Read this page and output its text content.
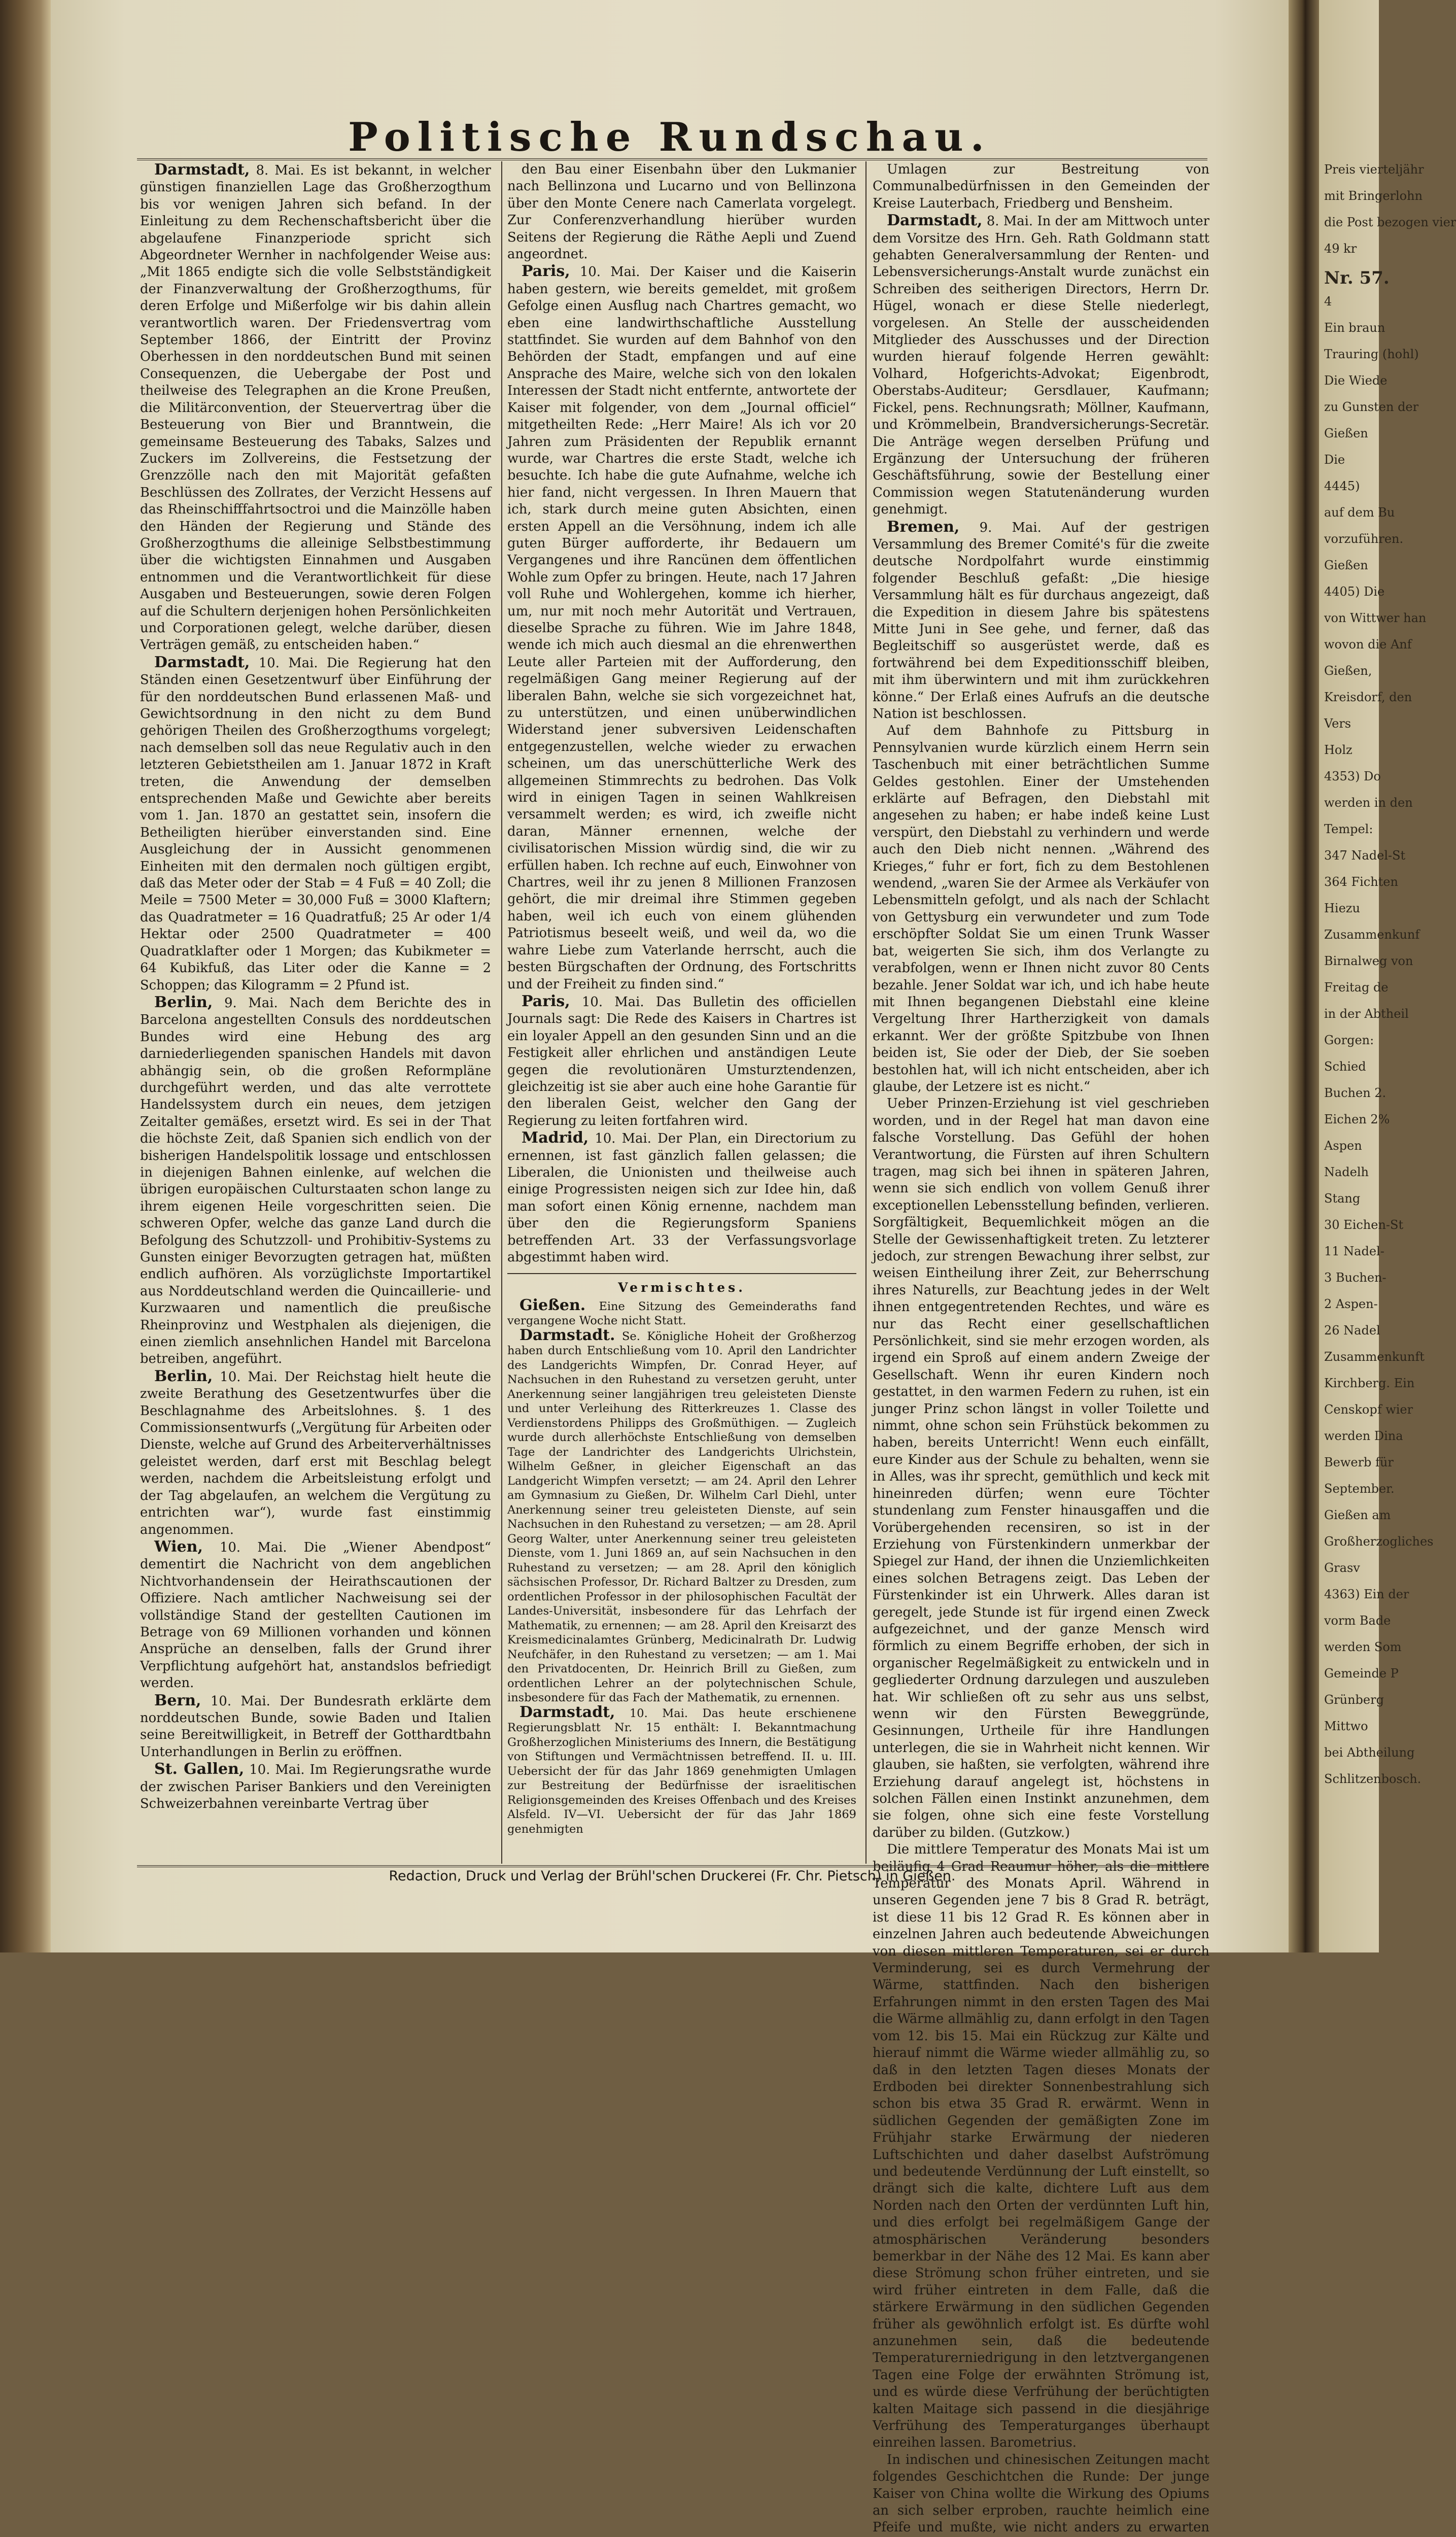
Politische Rundschau.

Darmstadt, 8. Mai. Es ist bekannt, in welcher günstigen finanziellen Lage das Großherzogthum bis vor wenigen Jahren sich befand. In der Einleitung zu dem Rechenschaftsbericht über die abgelaufene Finanzperiode spricht sich Abgeordneter Wernher in nachfolgender Weise aus: „Mit 1865 endigte sich die volle Selbstständigkeit der Finanzverwaltung der Großherzogthums, für deren Erfolge und Mißerfolge wir bis dahin allein verantwortlich waren. Der Friedensvertrag vom September 1866, der Eintritt der Provinz Oberhessen in den norddeutschen Bund mit seinen Consequenzen, die Uebergabe der Post und theilweise des Telegraphen an die Krone Preußen, die Militärconvention, der Steuervertrag über die Besteuerung von Bier und Branntwein, die gemeinsame Besteuerung des Tabaks, Salzes und Zuckers im Zollvereins, die Festsetzung der Grenzzölle nach den mit Majorität gefaßten Beschlüssen des Zollrates, der Verzicht Hessens auf das Rheinschifffahrtsoctroi und die Mainzölle haben den Händen der Regierung und Stände des Großherzogthums die alleinige Selbstbestimmung über die wichtigsten Einnahmen und Ausgaben entnommen und die Verantwortlichkeit für diese Ausgaben und Besteuerungen, sowie deren Folgen auf die Schultern derjenigen hohen Persönlichkeiten und Corporationen gelegt, welche darüber, diesen Verträgen gemäß, zu entscheiden haben.“

Darmstadt, 10. Mai. Die Regierung hat den Ständen einen Gesetzentwurf über Einführung der für den norddeutschen Bund erlassenen Maß- und Gewichtsordnung in den nicht zu dem Bund gehörigen Theilen des Großherzogthums vorgelegt; nach demselben soll das neue Regulativ auch in den letzteren Gebietstheilen am 1. Januar 1872 in Kraft treten, die Anwendung der demselben entsprechenden Maße und Gewichte aber bereits vom 1. Jan. 1870 an gestattet sein, insofern die Betheiligten hierüber einverstanden sind. Eine Ausgleichung der in Aussicht genommenen Einheiten mit den dermalen noch gültigen ergibt, daß das Meter oder der Stab = 4 Fuß = 40 Zoll; die Meile = 7500 Meter = 30,000 Fuß = 3000 Klaftern; das Quadratmeter = 16 Quadratfuß; 25 Ar oder 1/4 Hektar oder 2500 Quadratmeter = 400 Quadratklafter oder 1 Morgen; das Kubikmeter = 64 Kubikfuß, das Liter oder die Kanne = 2 Schoppen; das Kilogramm = 2 Pfund ist.

Berlin, 9. Mai. Nach dem Berichte des in Barcelona angestellten Consuls des norddeutschen Bundes wird eine Hebung des arg darniederliegenden spanischen Handels mit davon abhängig sein, ob die großen Reformpläne durchgeführt werden, und das alte verrottete Handelssystem durch ein neues, dem jetzigen Zeitalter gemäßes, ersetzt wird. Es sei in der That die höchste Zeit, daß Spanien sich endlich von der bisherigen Handelspolitik lossage und entschlossen in diejenigen Bahnen einlenke, auf welchen die übrigen europäischen Culturstaaten schon lange zu ihrem eigenen Heile vorgeschritten seien. Die schweren Opfer, welche das ganze Land durch die Befolgung des Schutzzoll- und Prohibitiv-Systems zu Gunsten einiger Bevorzugten getragen hat, müßten endlich aufhören. Als vorzüglichste Importartikel aus Norddeutschland werden die Quincaillerie- und Kurzwaaren und namentlich die preußische Rheinprovinz und Westphalen als diejenigen, die einen ziemlich ansehnlichen Handel mit Barcelona betreiben, angeführt.

Berlin, 10. Mai. Der Reichstag hielt heute die zweite Berathung des Gesetzentwurfes über die Beschlagnahme des Arbeitslohnes. §. 1 des Commissionsentwurfs („Vergütung für Arbeiten oder Dienste, welche auf Grund des Arbeiterverhältnisses geleistet werden, darf erst mit Beschlag belegt werden, nachdem die Arbeitsleistung erfolgt und der Tag abgelaufen, an welchem die Vergütung zu entrichten war“), wurde fast einstimmig angenommen.

Wien, 10. Mai. Die „Wiener Abendpost“ dementirt die Nachricht von dem angeblichen Nichtvorhandensein der Heirathscautionen der Offiziere. Nach amtlicher Nachweisung sei der vollständige Stand der gestellten Cautionen im Betrage von 69 Millionen vorhanden und können Ansprüche an denselben, falls der Grund ihrer Verpflichtung aufgehört hat, anstandslos befriedigt werden.

Bern, 10. Mai. Der Bundesrath erklärte dem norddeutschen Bunde, sowie Baden und Italien seine Bereitwilligkeit, in Betreff der Gotthardtbahn Unterhandlungen in Berlin zu eröffnen.

St. Gallen, 10. Mai. Im Regierungsrathe wurde der zwischen Pariser Bankiers und den Vereinigten Schweizerbahnen vereinbarte Vertrag über

den Bau einer Eisenbahn über den Lukmanier nach Bellinzona und Lucarno und von Bellinzona über den Monte Cenere nach Camerlata vorgelegt. Zur Conferenzverhandlung hierüber wurden Seitens der Regierung die Räthe Aepli und Zuend angeordnet.

Paris, 10. Mai. Der Kaiser und die Kaiserin haben gestern, wie bereits gemeldet, mit großem Gefolge einen Ausflug nach Chartres gemacht, wo eben eine landwirthschaftliche Ausstellung stattfindet. Sie wurden auf dem Bahnhof von den Behörden der Stadt, empfangen und auf eine Ansprache des Maire, welche sich von den lokalen Interessen der Stadt nicht entfernte, antwortete der Kaiser mit folgender, von dem „Journal officiel“ mitgetheilten Rede: „Herr Maire! Als ich vor 20 Jahren zum Präsidenten der Republik ernannt wurde, war Chartres die erste Stadt, welche ich besuchte. Ich habe die gute Aufnahme, welche ich hier fand, nicht vergessen. In Ihren Mauern that ich, stark durch meine guten Absichten, einen ersten Appell an die Versöhnung, indem ich alle guten Bürger aufforderte, ihr Bedauern um Vergangenes und ihre Rancünen dem öffentlichen Wohle zum Opfer zu bringen. Heute, nach 17 Jahren voll Ruhe und Wohlergehen, komme ich hierher, um, nur mit noch mehr Autorität und Vertrauen, dieselbe Sprache zu führen. Wie im Jahre 1848, wende ich mich auch diesmal an die ehrenwerthen Leute aller Parteien mit der Aufforderung, den regelmäßigen Gang meiner Regierung auf der liberalen Bahn, welche sie sich vorgezeichnet hat, zu unterstützen, und einen unüberwindlichen Widerstand jener subversiven Leidenschaften entgegenzustellen, welche wieder zu erwachen scheinen, um das unerschütterliche Werk des allgemeinen Stimmrechts zu bedrohen. Das Volk wird in einigen Tagen in seinen Wahlkreisen versammelt werden; es wird, ich zweifle nicht daran, Männer ernennen, welche der civilisatorischen Mission würdig sind, die wir zu erfüllen haben. Ich rechne auf euch, Einwohner von Chartres, weil ihr zu jenen 8 Millionen Franzosen gehört, die mir dreimal ihre Stimmen gegeben haben, weil ich euch von einem glühenden Patriotismus beseelt weiß, und weil da, wo die wahre Liebe zum Vaterlande herrscht, auch die besten Bürgschaften der Ordnung, des Fortschritts und der Freiheit zu finden sind.“

Paris, 10. Mai. Das Bulletin des officiellen Journals sagt: Die Rede des Kaisers in Chartres ist ein loyaler Appell an den gesunden Sinn und an die Festigkeit aller ehrlichen und anständigen Leute gegen die revolutionären Umsturztendenzen, gleichzeitig ist sie aber auch eine hohe Garantie für den liberalen Geist, welcher den Gang der Regierung zu leiten fortfahren wird.

Madrid, 10. Mai. Der Plan, ein Directorium zu ernennen, ist fast gänzlich fallen gelassen; die Liberalen, die Unionisten und theilweise auch einige Progressisten neigen sich zur Idee hin, daß man sofort einen König ernenne, nachdem man über den die Regierungsform Spaniens betreffenden Art. 33 der Verfassungsvorlage abgestimmt haben wird.

Vermischtes.

Gießen. Eine Sitzung des Gemeinderaths fand vergangene Woche nicht Statt.

Darmstadt. Se. Königliche Hoheit der Großherzog haben durch Entschließung vom 10. April den Landrichter des Landgerichts Wimpfen, Dr. Conrad Heyer, auf Nachsuchen in den Ruhestand zu versetzen geruht, unter Anerkennung seiner langjährigen treu geleisteten Dienste und unter Verleihung des Ritterkreuzes 1. Classe des Verdienstordens Philipps des Großmüthigen. — Zugleich wurde durch allerhöchste Entschließung von demselben Tage der Landrichter des Landgerichts Ulrichstein, Wilhelm Geßner, in gleicher Eigenschaft an das Landgericht Wimpfen versetzt; — am 24. April den Lehrer am Gymnasium zu Gießen, Dr. Wilhelm Carl Diehl, unter Anerkennung seiner treu geleisteten Dienste, auf sein Nachsuchen in den Ruhestand zu versetzen; — am 28. April Georg Walter, unter Anerkennung seiner treu geleisteten Dienste, vom 1. Juni 1869 an, auf sein Nachsuchen in den Ruhestand zu versetzen; — am 28. April den königlich sächsischen Professor, Dr. Richard Baltzer zu Dresden, zum ordentlichen Professor in der philosophischen Facultät der Landes-Universität, insbesondere für das Lehrfach der Mathematik, zu ernennen; — am 28. April den Kreisarzt des Kreismedicinalamtes Grünberg, Medicinalrath Dr. Ludwig Neufchäfer, in den Ruhestand zu versetzen; — am 1. Mai den Privatdocenten, Dr. Heinrich Brill zu Gießen, zum ordentlichen Lehrer an der polytechnischen Schule, insbesondere für das Fach der Mathematik, zu ernennen.

Darmstadt, 10. Mai. Das heute erschienene Regierungsblatt Nr. 15 enthält: I. Bekanntmachung Großherzoglichen Ministeriums des Innern, die Bestätigung von Stiftungen und Vermächtnissen betreffend. II. u. III. Uebersicht der für das Jahr 1869 genehmigten Umlagen zur Bestreitung der Bedürfnisse der israelitischen Religionsgemeinden des Kreises Offenbach und des Kreises Alsfeld. IV—VI. Uebersicht der für das Jahr 1869 genehmigten

Umlagen zur Bestreitung von Communalbedürfnissen in den Gemeinden der Kreise Lauterbach, Friedberg und Bensheim.

Darmstadt, 8. Mai. In der am Mittwoch unter dem Vorsitze des Hrn. Geh. Rath Goldmann statt gehabten Generalversammlung der Renten- und Lebensversicherungs-Anstalt wurde zunächst ein Schreiben des seitherigen Directors, Herrn Dr. Hügel, wonach er diese Stelle niederlegt, vorgelesen. An Stelle der ausscheidenden Mitglieder des Ausschusses und der Direction wurden hierauf folgende Herren gewählt: Volhard, Hofgerichts-Advokat; Eigenbrodt, Oberstabs-Auditeur; Gersdlauer, Kaufmann; Fickel, pens. Rechnungsrath; Möllner, Kaufmann, und Krömmelbein, Brandversicherungs-Secretär. Die Anträge wegen derselben Prüfung und Ergänzung der Untersuchung der früheren Geschäftsführung, sowie der Bestellung einer Commission wegen Statutenänderung wurden genehmigt.

Bremen, 9. Mai. Auf der gestrigen Versammlung des Bremer Comité's für die zweite deutsche Nordpolfahrt wurde einstimmig folgender Beschluß gefaßt: „Die hiesige Versammlung hält es für durchaus angezeigt, daß die Expedition in diesem Jahre bis spätestens Mitte Juni in See gehe, und ferner, daß das Begleitschiff so ausgerüstet werde, daß es fortwährend bei dem Expeditionsschiff bleiben, mit ihm überwintern und mit ihm zurückkehren könne.“ Der Erlaß eines Aufrufs an die deutsche Nation ist beschlossen.

Auf dem Bahnhofe zu Pittsburg in Pennsylvanien wurde kürzlich einem Herrn sein Taschenbuch mit einer beträchtlichen Summe Geldes gestohlen. Einer der Umstehenden erklärte auf Befragen, den Diebstahl mit angesehen zu haben; er habe indeß keine Lust verspürt, den Diebstahl zu verhindern und werde auch den Dieb nicht nennen. „Während des Krieges,“ fuhr er fort, fich zu dem Bestohlenen wendend, „waren Sie der Armee als Verkäufer von Lebensmitteln gefolgt, und als nach der Schlacht von Gettysburg ein verwundeter und zum Tode erschöpfter Soldat Sie um einen Trunk Wasser bat, weigerten Sie sich, ihm dos Verlangte zu verabfolgen, wenn er Ihnen nicht zuvor 80 Cents bezahle. Jener Soldat war ich, und ich habe heute mit Ihnen begangenen Diebstahl eine kleine Vergeltung Ihrer Hartherzigkeit von damals erkannt. Wer der größte Spitzbube von Ihnen beiden ist, Sie oder der Dieb, der Sie soeben bestohlen hat, will ich nicht entscheiden, aber ich glaube, der Letzere ist es nicht.“

Ueber Prinzen-Erziehung ist viel geschrieben worden, und in der Regel hat man davon eine falsche Vorstellung. Das Gefühl der hohen Verantwortung, die Fürsten auf ihren Schultern tragen, mag sich bei ihnen in späteren Jahren, wenn sie sich endlich von vollem Genuß ihrer exceptionellen Lebensstellung befinden, verlieren. Sorgfältigkeit, Bequemlichkeit mögen an die Stelle der Gewissenhaftigkeit treten. Zu letzterer jedoch, zur strengen Bewachung ihrer selbst, zur weisen Eintheilung ihrer Zeit, zur Beherrschung ihres Naturells, zur Beachtung jedes in der Welt ihnen entgegentretenden Rechtes, und wäre es nur das Recht einer gesellschaftlichen Persönlichkeit, sind sie mehr erzogen worden, als irgend ein Sproß auf einem andern Zweige der Gesellschaft. Wenn ihr euren Kindern noch gestattet, in den warmen Federn zu ruhen, ist ein junger Prinz schon längst in voller Toilette und nimmt, ohne schon sein Frühstück bekommen zu haben, bereits Unterricht! Wenn euch einfällt, eure Kinder aus der Schule zu behalten, wenn sie in Alles, was ihr sprecht, gemüthlich und keck mit hineinreden dürfen; wenn eure Töchter stundenlang zum Fenster hinausgaffen und die Vorübergehenden recensiren, so ist in der Erziehung von Fürstenkindern unmerkbar der Spiegel zur Hand, der ihnen die Unziemlichkeiten eines solchen Betragens zeigt. Das Leben der Fürstenkinder ist ein Uhrwerk. Alles daran ist geregelt, jede Stunde ist für irgend einen Zweck aufgezeichnet, und der ganze Mensch wird förmlich zu einem Begriffe erhoben, der sich in organischer Regelmäßigkeit zu entwickeln und in gegliederter Ordnung darzulegen und auszuleben hat. Wir schließen oft zu sehr aus uns selbst, wenn wir den Fürsten Beweggründe, Gesinnungen, Urtheile für ihre Handlungen unterlegen, die sie in Wahrheit nicht kennen. Wir glauben, sie haßten, sie verfolgten, während ihre Erziehung darauf angelegt ist, höchstens in solchen Fällen einen Instinkt anzunehmen, dem sie folgen, ohne sich eine feste Vorstellung darüber zu bilden. (Gutzkow.)

Die mittlere Temperatur des Monats Mai ist um beiläufig 4 Grad Reaumur höher, als die mittlere Temperatur des Monats April. Während in unseren Gegenden jene 7 bis 8 Grad R. beträgt, ist diese 11 bis 12 Grad R. Es können aber in einzelnen Jahren auch bedeutende Abweichungen von diesen mittleren Temperaturen, sei er durch Verminderung, sei es durch Vermehrung der Wärme, stattfinden. Nach den bisherigen Erfahrungen nimmt in den ersten Tagen des Mai die Wärme allmählig zu, dann erfolgt in den Tagen vom 12. bis 15. Mai ein Rückzug zur Kälte und hierauf nimmt die Wärme wieder allmählig zu, so daß in den letzten Tagen dieses Monats der Erdboden bei direkter Sonnenbestrahlung sich schon bis etwa 35 Grad R. erwärmt. Wenn in südlichen Gegenden der gemäßigten Zone im Frühjahr starke Erwärmung der niederen Luftschichten und daher daselbst Aufströmung und bedeutende Verdünnung der Luft einstellt, so drängt sich die kalte, dichtere Luft aus dem Norden nach den Orten der verdünnten Luft hin, und dies erfolgt bei regelmäßigem Gange der atmosphärischen Veränderung besonders bemerkbar in der Nähe des 12 Mai. Es kann aber diese Strömung schon früher eintreten, und sie wird früher eintreten in dem Falle, daß die stärkere Erwärmung in den südlichen Gegenden früher als gewöhnlich erfolgt ist. Es dürfte wohl anzunehmen sein, daß die bedeutende Temperaturerniedrigung in den letztvergangenen Tagen eine Folge der erwähnten Strömung ist, und es würde diese Verfrühung der berüchtigten kalten Maitage sich passend in die diesjährige Verfrühung des Temperaturganges überhaupt einreihen lassen. Barometrius.

In indischen und chinesischen Zeitungen macht folgendes Geschichtchen die Runde: Der junge Kaiser von China wollte die Wirkung des Opiums an sich selber erproben, rauchte heimlich eine Pfeife und mußte, wie nicht anders zu erwarten

Redaction, Druck und Verlag der Brühl'schen Druckerei (Fr. Chr. Pietsch) in Gießen.
Preis vierteljähr
mit Bringerlohn
die Post bezogen vier
49 kr
Nr. 57.
4
Ein braun
Trauring (hohl)
Die Wiede
zu Gunsten der
Gießen
Die
4445)
auf dem Bu
vorzuführen.
Gießen
4405) Die
von Wittwer han
wovon die Anf
Gießen,
Kreisdorf, den
Vers
Holz
4353) Do
werden in den
Tempel:
347 Nadel-St
364 Fichten
Hiezu
Zusammenkunf
Birnalweg von
Freitag de
in der Abtheil
Gorgen:
Schied
Buchen 2.
Eichen 2%
Aspen
Nadelh
Stang
30 Eichen-St
11 Nadel-
3 Buchen-
2 Aspen-
26 Nadel
Zusammenkunft
Kirchberg. Ein
Censkopf wier
werden Dina
Bewerb für
September.
Gießen am
Großherzogliches
Grasv
4363) Ein der
vorm Bade
werden Som
Gemeinde P
Grünberg
Mittwo
bei Abtheilung
Schlitzenbosch.
